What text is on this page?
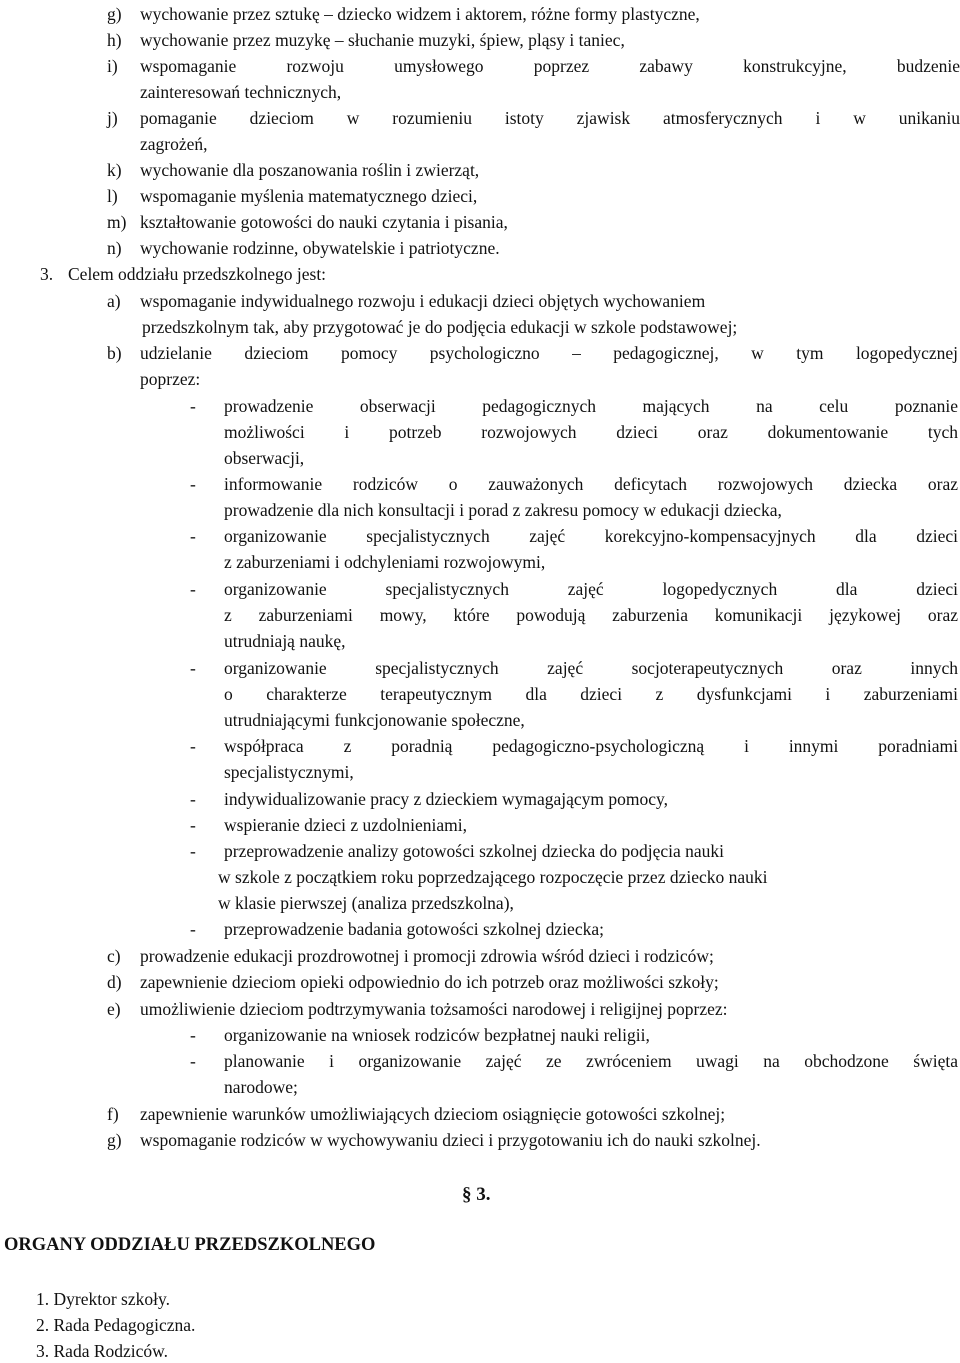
g) wychowanie przez sztukę – dziecko widzem i aktorem, różne formy plastyczne,
h) wychowanie przez muzykę – słuchanie muzyki, śpiew, pląsy i taniec,
i) wspomaganie rozwoju umysłowego poprzez zabawy konstrukcyjne, budzenie
zainteresowań technicznych,
j) pomaganie dzieciom w rozumieniu istoty zjawisk atmosferycznych i w unikaniu
zagrożeń,
k) wychowanie dla poszanowania roślin i zwierząt,
l) wspomaganie myślenia matematycznego dzieci,
m) kształtowanie gotowości do nauki czytania i pisania,
n) wychowanie rodzinne, obywatelskie i patriotyczne.
3. Celem oddziału przedszkolnego jest:
a) wspomaganie indywidualnego rozwoju i edukacji dzieci objętych wychowaniem
przedszkolnym tak, aby przygotować je do podjęcia edukacji w szkole podstawowej;
b) udzielanie dzieciom pomocy psychologiczno – pedagogicznej, w tym logopedycznej
poprzez:
- prowadzenie obserwacji pedagogicznych mających na celu poznanie
możliwości i potrzeb rozwojowych dzieci oraz dokumentowanie tych
obserwacji,
- informowanie rodziców o zauważonych deficytach rozwojowych dziecka oraz
prowadzenie dla nich konsultacji i porad z zakresu pomocy w edukacji dziecka,
- organizowanie specjalistycznych zajęć korekcyjno-kompensacyjnych dla dzieci
z zaburzeniami i odchyleniami rozwojowymi,
- organizowanie specjalistycznych zajęć logopedycznych dla dzieci
z zaburzeniami mowy, które powodują zaburzenia komunikacji językowej oraz
utrudniają naukę,
- organizowanie specjalistycznych zajęć socjoterapeutycznych oraz innych
o charakterze terapeutycznym dla dzieci z dysfunkcjami i zaburzeniami
utrudniającymi funkcjonowanie społeczne,
- współpraca z poradnią pedagogiczno-psychologiczną i innymi poradniami
specjalistycznymi,
- indywidualizowanie pracy z dzieckiem wymagającym pomocy,
- wspieranie dzieci z uzdolnieniami,
- przeprowadzenie analizy gotowości szkolnej dziecka do podjęcia nauki
w szkole z początkiem roku poprzedzającego rozpoczęcie przez dziecko nauki
w klasie pierwszej (analiza przedszkolna),
- przeprowadzenie badania gotowości szkolnej dziecka;
c) prowadzenie edukacji prozdrowotnej i promocji zdrowia wśród dzieci i rodziców;
d) zapewnienie dzieciom opieki odpowiednio do ich potrzeb oraz możliwości szkoły;
e) umożliwienie dzieciom podtrzymywania tożsamości narodowej i religijnej poprzez:
- organizowanie na wniosek rodziców bezpłatnej nauki religii,
- planowanie i organizowanie zajęć ze zwróceniem uwagi na obchodzone święta
narodowe;
f) zapewnienie warunków umożliwiających dzieciom osiągnięcie gotowości szkolnej;
g) wspomaganie rodziców w wychowywaniu dzieci i przygotowaniu ich do nauki szkolnej.
§ 3.
ORGANY ODDZIAŁU PRZEDSZKOLNEGO
1. Dyrektor szkoły.
2. Rada Pedagogiczna.
3. Rada Rodziców.
